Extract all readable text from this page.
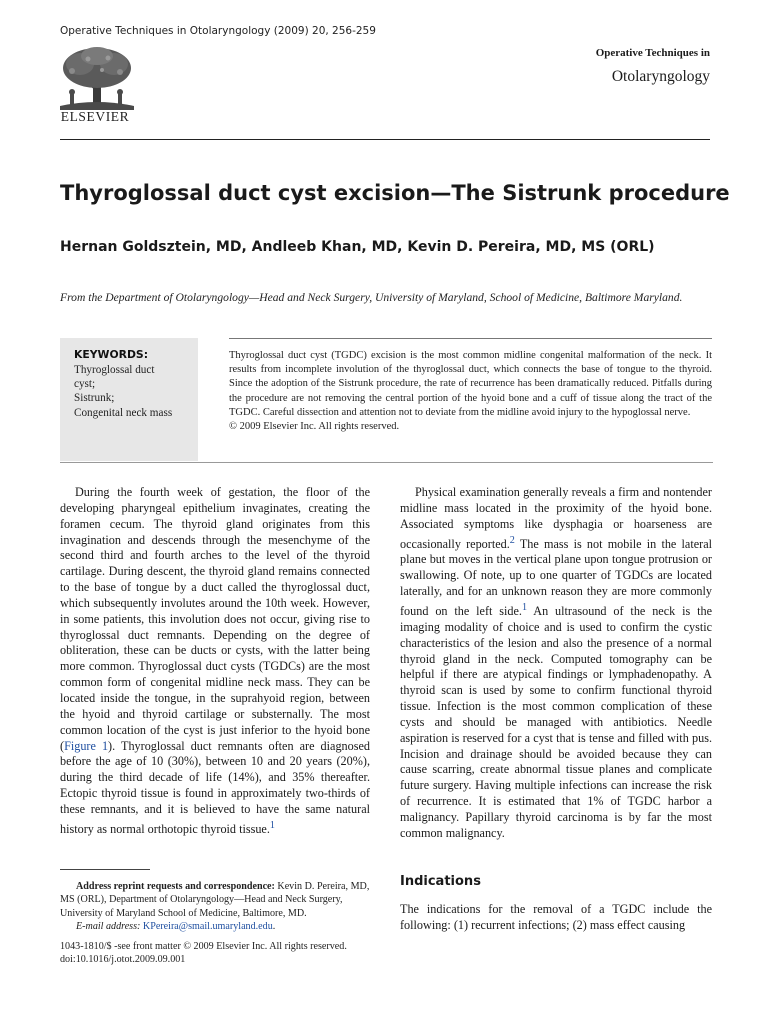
Operative Techniques in Otolaryngology (2009) 20, 256-259
ELSEVIER
Operative Techniques in
Otolaryngology
Thyroglossal duct cyst excision—The Sistrunk procedure
Hernan Goldsztein, MD, Andleeb Khan, MD, Kevin D. Pereira, MD, MS (ORL)
From the Department of Otolaryngology—Head and Neck Surgery, University of Maryland, School of Medicine, Baltimore Maryland.
KEYWORDS:
Thyroglossal duct
cyst;
Sistrunk;
Congenital neck mass

Thyroglossal duct cyst (TGDC) excision is the most common midline congenital malformation of the neck. It results from incomplete involution of the thyroglossal duct, which connects the base of tongue to the thyroid. Since the adoption of the Sistrunk procedure, the rate of recurrence has been dramatically reduced. Pitfalls during the procedure are not removing the central portion of the hyoid bone and a cuff of tissue along the tract of the TGDC. Careful dissection and attention not to deviate from the midline avoid injury to the hypoglossal nerve.

© 2009 Elsevier Inc. All rights reserved.

During the fourth week of gestation, the floor of the developing pharyngeal epithelium invaginates, creating the foramen cecum. The thyroid gland originates from this invagination and descends through the mesenchyme of the second third and fourth arches to the level of the thyroid cartilage. During descent, the thyroid gland remains connected to the base of tongue by a duct called the thyroglossal duct, which subsequently involutes around the 10th week. However, in some patients, this involution does not occur, giving rise to thyroglossal duct remnants. Depending on the degree of obliteration, these can be ducts or cysts, with the latter being more common. Thyroglossal duct cysts (TGDCs) are the most common form of congenital midline neck mass. They can be located inside the tongue, in the suprahyoid region, between the hyoid and thyroid cartilage or substernally. The most common location of the cyst is just inferior to the hyoid bone (Figure 1). Thyroglossal duct remnants often are diagnosed before the age of 10 (30%), between 10 and 20 years (20%), during the third decade of life (14%), and 35% thereafter. Ectopic thyroid tissue is found in approximately two-thirds of these remnants, and it is believed to have the same natural history as normal orthotopic thyroid tissue.$^1$

Address reprint requests and correspondence: Kevin D. Pereira, MD, MS (ORL), Department of Otolaryngology—Head and Neck Surgery, University of Maryland School of Medicine, Baltimore, MD.

E-mail address: KPereira@smail.umaryland.edu.

1043-1810/$ -see front matter © 2009 Elsevier Inc. All rights reserved.
doi:10.1016/j.otot.2009.09.001

Physical examination generally reveals a firm and nontender midline mass located in the proximity of the hyoid bone. Associated symptoms like dysphagia or hoarseness are occasionally reported.$^2$ The mass is not mobile in the lateral plane but moves in the vertical plane upon tongue protrusion or swallowing. Of note, up to one quarter of TGDCs are located laterally, and for an unknown reason they are more commonly found on the left side.$^1$ An ultrasound of the neck is the imaging modality of choice and is used to confirm the cystic characteristics of the lesion and also the presence of a normal thyroid gland in the neck. Computed tomography can be helpful if there are atypical findings or lymphadenopathy. A thyroid scan is used by some to confirm functional thyroid tissue. Infection is the most common complication of these cysts and should be managed with antibiotics. Needle aspiration is reserved for a cyst that is tense and filled with pus. Incision and drainage should be avoided because they can cause scarring, create abnormal tissue planes and complicate future surgery. Having multiple infections can increase the risk of recurrence. It is estimated that 1% of TGDC harbor a malignancy. Papillary thyroid carcinoma is by far the most common malignancy.

Indications

The indications for the removal of a TGDC include the following: (1) recurrent infections; (2) mass effect causing
